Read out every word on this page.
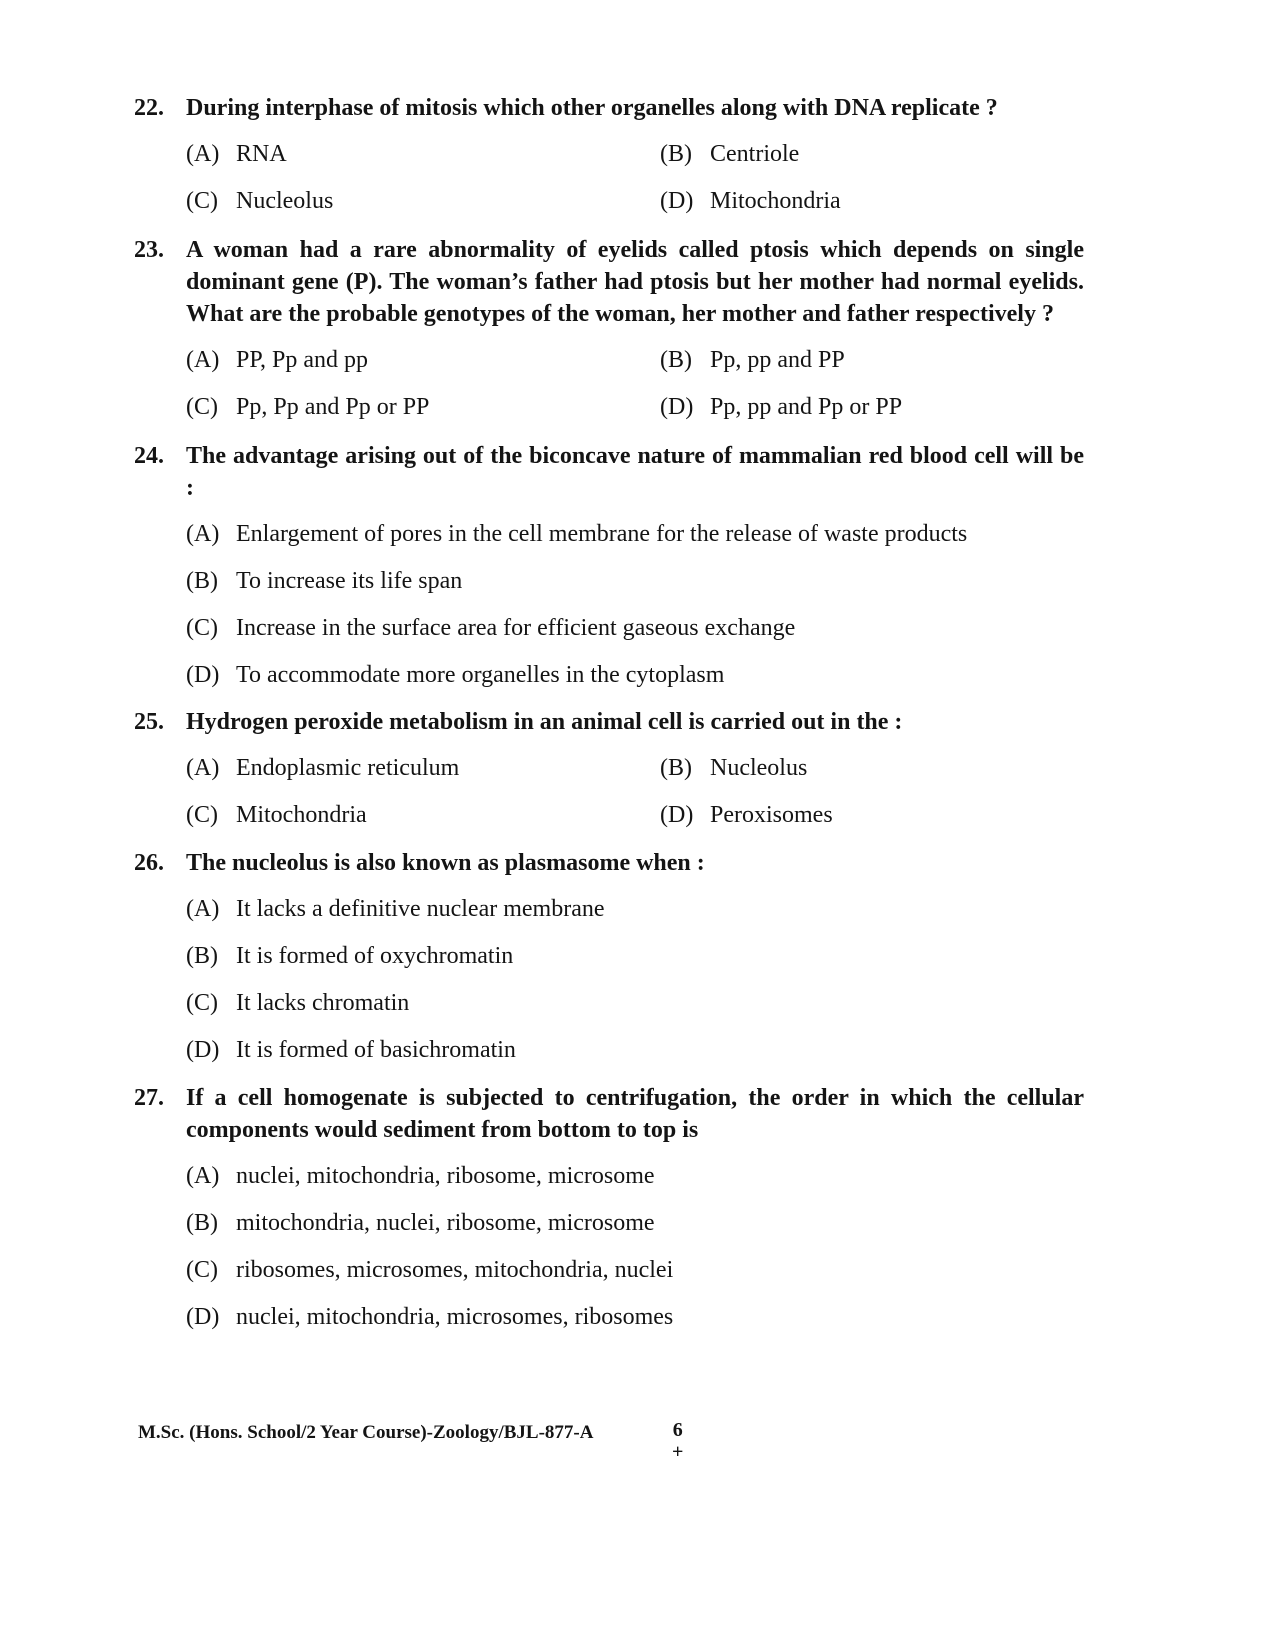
22. During interphase of mitosis which other organelles along with DNA replicate ?
(A) RNA	(B) Centriole
(C) Nucleolus	(D) Mitochondria
23. A woman had a rare abnormality of eyelids called ptosis which depends on single dominant gene (P). The woman’s father had ptosis but her mother had normal eyelids. What are the probable genotypes of the woman, her mother and father respectively ?
(A) PP, Pp and pp	(B) Pp, pp and PP
(C) Pp, Pp and Pp or PP	(D) Pp, pp and Pp or PP
24. The advantage arising out of the biconcave nature of mammalian red blood cell will be :
(A) Enlargement of pores in the cell membrane for the release of waste products
(B) To increase its life span
(C) Increase in the surface area for efficient gaseous exchange
(D) To accommodate more organelles in the cytoplasm
25. Hydrogen peroxide metabolism in an animal cell is carried out in the :
(A) Endoplasmic reticulum	(B) Nucleolus
(C) Mitochondria	(D) Peroxisomes
26. The nucleolus is also known as plasmasome when :
(A) It lacks a definitive nuclear membrane
(B) It is formed of oxychromatin
(C) It lacks chromatin
(D) It is formed of basichromatin
27. If a cell homogenate is subjected to centrifugation, the order in which the cellular components would sediment from bottom to top is
(A) nuclei, mitochondria, ribosome, microsome
(B) mitochondria, nuclei, ribosome, microsome
(C) ribosomes, microsomes, mitochondria, nuclei
(D) nuclei, mitochondria, microsomes, ribosomes
M.Sc. (Hons. School/2 Year Course)-Zoology/BJL-877-A	6
+
